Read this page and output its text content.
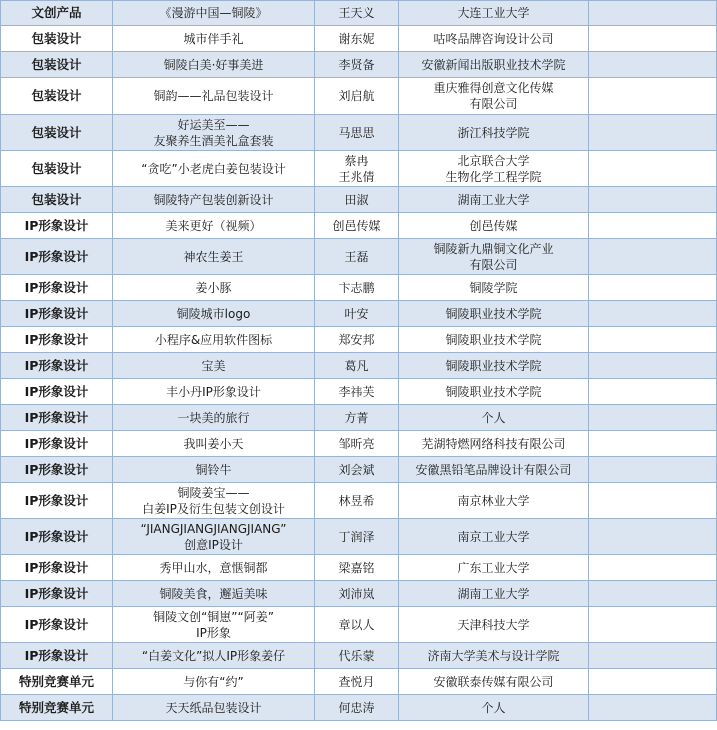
文创产品	《漫游中国—铜陵》	王天义	大连工业大学	

包装设计	城市伴手礼	谢东妮	咕咚品牌咨询设计公司	

包装设计	铜陵白美·好事美进	李贤备	安徽新闻出版职业技术学院	

包装设计	铜韵——礼品包装设计	刘启航	重庆雅得创意文化传媒
有限公司	

包装设计	好运美至——
友聚养生酒美礼盒套装	马思思	浙江科技学院	

包装设计	“贪吃”小老虎白姜包装设计	蔡冉
王兆倩	北京联合大学
生物化学工程学院	

包装设计	铜陵特产包装创新设计	田淑	湖南工业大学	

IP形象设计	美来更好（视频）	创邑传媒	创邑传媒	

IP形象设计	神农生姜王	王磊	铜陵新九鼎铜文化产业
有限公司	

IP形象设计	姜小豚	卞志鹏	铜陵学院	

IP形象设计	铜陵城市logo	叶安	铜陵职业技术学院	

IP形象设计	小程序&应用软件图标	郑安邦	铜陵职业技术学院	

IP形象设计	宝美	葛凡	铜陵职业技术学院	

IP形象设计	丰小丹IP形象设计	李祎芙	铜陵职业技术学院	

IP形象设计	一块美的旅行	方菁	个人	

IP形象设计	我叫姜小天	邹昕亮	芜湖特燃网络科技有限公司	

IP形象设计	铜铃牛	刘会斌	安徽黑铅笔品牌设计有限公司	

IP形象设计	铜陵姜宝——
白姜IP及衍生包装文创设计	林昱希	南京林业大学	

IP形象设计	“JIANGJIANGJIANGJIANG”
创意IP设计	丁润泽	南京工业大学	

IP形象设计	秀甲山水，意惬铜都	梁嘉铭	广东工业大学	

IP形象设计	铜陵美食，邂逅美味	刘沛岚	湖南工业大学	

IP形象设计	铜陵文创“铜崽”“阿姜”
IP形象	章以人	天津科技大学	

IP形象设计	“白姜文化”拟人IP形象姜仔	代乐蒙	济南大学美术与设计学院	

特别竞赛单元	与你有“约”	查悦月	安徽联泰传媒有限公司	

特别竞赛单元	天天纸品包装设计	何忠涛	个人	
